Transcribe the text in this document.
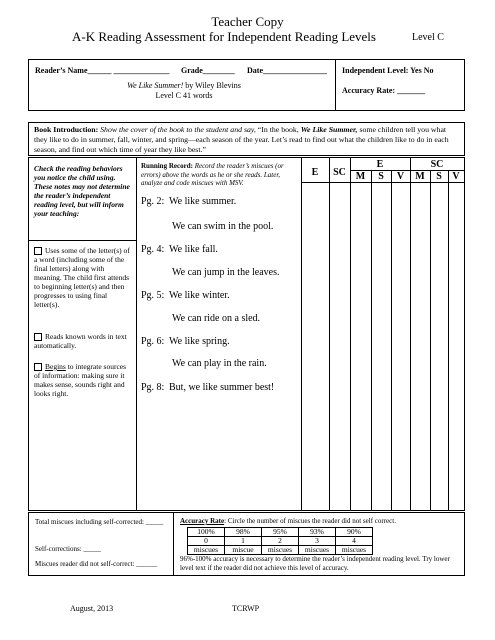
Teacher Copy
A-K Reading Assessment for Independent Reading Levels	Level C
Reader’s Name______ ______________ Grade________ Date________________
We Like Summer! by Wiley Blevins
Level C 41 words
Independent Level: Yes No
Accuracy Rate: _______
Book Introduction: Show the cover of the book to the student and say, “In the book, We Like Summer, some children tell you what they like to do in summer, fall, winter, and spring—each season of the year. Let’s read to find out what the children like to do in each season, and find out which time of year they like best.”
Check the reading behaviors you notice the child using. These notes may not determine the reader’s independent reading level, but will inform your teaching:
Uses some of the letter(s) of a word (including some of the final letters) along with meaning. The child first attends to beginning letter(s) and then progresses to using final letter(s).
Reads known words in text automatically.
Begins to integrate sources of information: making sure it makes sense, sounds right and looks right.
Running Record: Record the reader’s miscues (or errors) above the words as he or she reads. Later, analyze and code miscues with MSV.
Pg. 2: We like summer.
We can swim in the pool.
Pg. 4: We like fall.
We can jump in the leaves.
Pg. 5: We like winter.
We can ride on a sled.
Pg. 6: We like spring.
We can play in the rain.
Pg. 8: But, we like summer best!
E	SC
E	SC
M	S	V	M	S	V
Total miscues including self-corrected: _____
Self-corrections: _____
Miscues reader did not self-correct: ______
Accuracy Rate: Circle the number of miscues the reader did not self correct.
100%	98%	95%	93%	90%
0	1	2	3	4
miscues	miscue	miscues	miscues	miscues
96%-100% accuracy is necessary to determine the reader’s independent reading level. Try lower level text if the reader did not achieve this level of accuracy.
August, 2013	TCRWP
